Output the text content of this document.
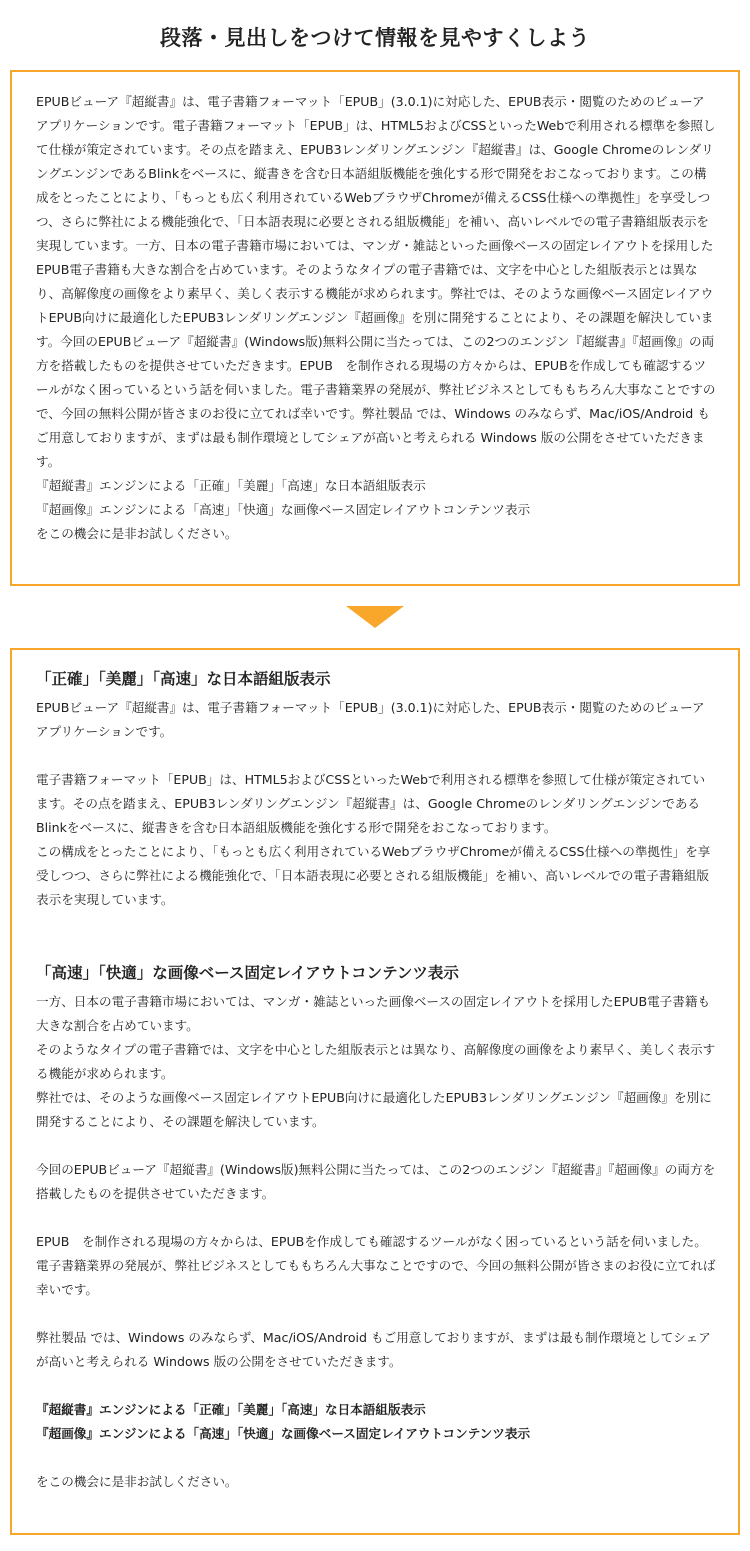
段落・見出しをつけて情報を見やすくしよう

EPUBビューア『超縦書』は、電子書籍フォーマット「EPUB」(3.0.1)に対応した、EPUB表示・閲覧のためのビューアアプリケーションです。電子書籍フォーマット「EPUB」は、HTML5およびCSSといったWebで利用される標準を参照して仕様が策定されています。その点を踏まえ、EPUB3レンダリングエンジン『超縦書』は、Google ChromeのレンダリングエンジンであるBlinkをベースに、縦書きを含む日本語組版機能を強化する形で開発をおこなっております。この構成をとったことにより、「もっとも広く利用されているWebブラウザChromeが備えるCSS仕様への準拠性」を享受しつつ、さらに弊社による機能強化で、「日本語表現に必要とされる組版機能」を補い、高いレベルでの電子書籍組版表示を実現しています。一方、日本の電子書籍市場においては、マンガ・雑誌といった画像ベースの固定レイアウトを採用したEPUB電子書籍も大きな割合を占めています。そのようなタイプの電子書籍では、文字を中心とした組版表示とは異なり、高解像度の画像をより素早く、美しく表示する機能が求められます。弊社では、そのような画像ベース固定レイアウトEPUB向けに最適化したEPUB3レンダリングエンジン『超画像』を別に開発することにより、その課題を解決しています。今回のEPUBビューア『超縦書』(Windows版)無料公開に当たっては、この2つのエンジン『超縦書』『超画像』の両方を搭載したものを提供させていただきます。EPUB　を制作される現場の方々からは、EPUBを作成しても確認するツールがなく困っているという話を伺いました。電子書籍業界の発展が、弊社ビジネスとしてももちろん大事なことですので、今回の無料公開が皆さまのお役に立てれば幸いです。弊社製品 では、Windows のみならず、Mac/iOS/Android もご用意しておりますが、まずは最も制作環境としてシェアが高いと考えられる Windows 版の公開をさせていただきます。

『超縦書』エンジンによる「正確」「美麗」「高速」な日本語組版表示

『超画像』エンジンによる「高速」「快適」な画像ベース固定レイアウトコンテンツ表示

をこの機会に是非お試しください。

「正確」「美麗」「高速」な日本語組版表示

EPUBビューア『超縦書』は、電子書籍フォーマット「EPUB」(3.0.1)に対応した、EPUB表示・閲覧のためのビューアアプリケーションです。

電子書籍フォーマット「EPUB」は、HTML5およびCSSといったWebで利用される標準を参照して仕様が策定されています。その点を踏まえ、EPUB3レンダリングエンジン『超縦書』は、Google ChromeのレンダリングエンジンであるBlinkをベースに、縦書きを含む日本語組版機能を強化する形で開発をおこなっております。

この構成をとったことにより、「もっとも広く利用されているWebブラウザChromeが備えるCSS仕様への準拠性」を享受しつつ、さらに弊社による機能強化で、「日本語表現に必要とされる組版機能」を補い、高いレベルでの電子書籍組版表示を実現しています。

「高速」「快適」な画像ベース固定レイアウトコンテンツ表示

一方、日本の電子書籍市場においては、マンガ・雑誌といった画像ベースの固定レイアウトを採用したEPUB電子書籍も大きな割合を占めています。

そのようなタイプの電子書籍では、文字を中心とした組版表示とは異なり、高解像度の画像をより素早く、美しく表示する機能が求められます。

弊社では、そのような画像ベース固定レイアウトEPUB向けに最適化したEPUB3レンダリングエンジン『超画像』を別に開発することにより、その課題を解決しています。

今回のEPUBビューア『超縦書』(Windows版)無料公開に当たっては、この2つのエンジン『超縦書』『超画像』の両方を搭載したものを提供させていただきます。

EPUB　を制作される現場の方々からは、EPUBを作成しても確認するツールがなく困っているという話を伺いました。電子書籍業界の発展が、弊社ビジネスとしてももちろん大事なことですので、今回の無料公開が皆さまのお役に立てれば幸いです。

弊社製品 では、Windows のみならず、Mac/iOS/Android もご用意しておりますが、まずは最も制作環境としてシェアが高いと考えられる Windows 版の公開をさせていただきます。

『超縦書』エンジンによる「正確」「美麗」「高速」な日本語組版表示

『超画像』エンジンによる「高速」「快適」な画像ベース固定レイアウトコンテンツ表示

をこの機会に是非お試しください。
